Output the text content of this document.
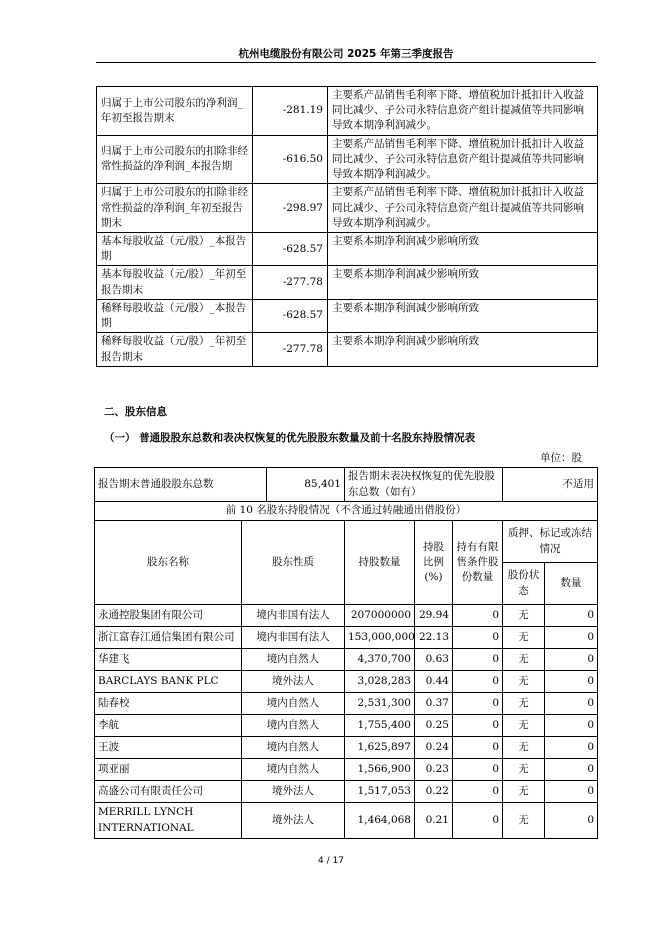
杭州电缆股份有限公司 2025 年第三季度报告
归属于上市公司股东的净利润_年初至报告期末	-281.19	主要系产品销售毛利率下降、增值税加计抵扣计入收益同比减少、子公司永特信息资产组计提减值等共同影响导致本期净利润减少。
归属于上市公司股东的扣除非经常性损益的净利润_本报告期	-616.50	主要系产品销售毛利率下降、增值税加计抵扣计入收益同比减少、子公司永特信息资产组计提减值等共同影响导致本期净利润减少。
归属于上市公司股东的扣除非经常性损益的净利润_年初至报告期末	-298.97	主要系产品销售毛利率下降、增值税加计抵扣计入收益同比减少、子公司永特信息资产组计提减值等共同影响导致本期净利润减少。
基本每股收益（元/股）_本报告期	-628.57	主要系本期净利润减少影响所致
基本每股收益（元/股）_年初至报告期末	-277.78	主要系本期净利润减少影响所致
稀释每股收益（元/股）_本报告期	-628.57	主要系本期净利润减少影响所致
稀释每股收益（元/股）_年初至报告期末	-277.78	主要系本期净利润减少影响所致
二、股东信息
（一） 普通股股东总数和表决权恢复的优先股股东数量及前十名股东持股情况表
单位：股
报告期末普通股股东总数		85,401	报告期末表决权恢复的优先股股东总数（如有）			不适用	
前 10 名股东持股情况（不含通过转融通出借股份）							
股东名称	股东性质		持股数量	持股比例(%)	持有有限售条件股份数量	质押、标记或冻结情况	
						股份状态	数量
永通控股集团有限公司	境内非国有法人		207000000	29.94	0	无	0
浙江富春江通信集团有限公司	境内非国有法人		153,000,000	22.13	0	无	0
华建飞	境内自然人		4,370,700	0.63	0	无	0
BARCLAYS BANK PLC	境外法人		3,028,283	0.44	0	无	0
陆春校	境内自然人		2,531,300	0.37	0	无	0
李航	境内自然人		1,755,400	0.25	0	无	0
王波	境内自然人		1,625,897	0.24	0	无	0
项亚丽	境内自然人		1,566,900	0.23	0	无	0
高盛公司有限责任公司	境外法人		1,517,053	0.22	0	无	0
MERRILL LYNCH INTERNATIONAL	境外法人		1,464,068	0.21	0	无	0
4 / 17
